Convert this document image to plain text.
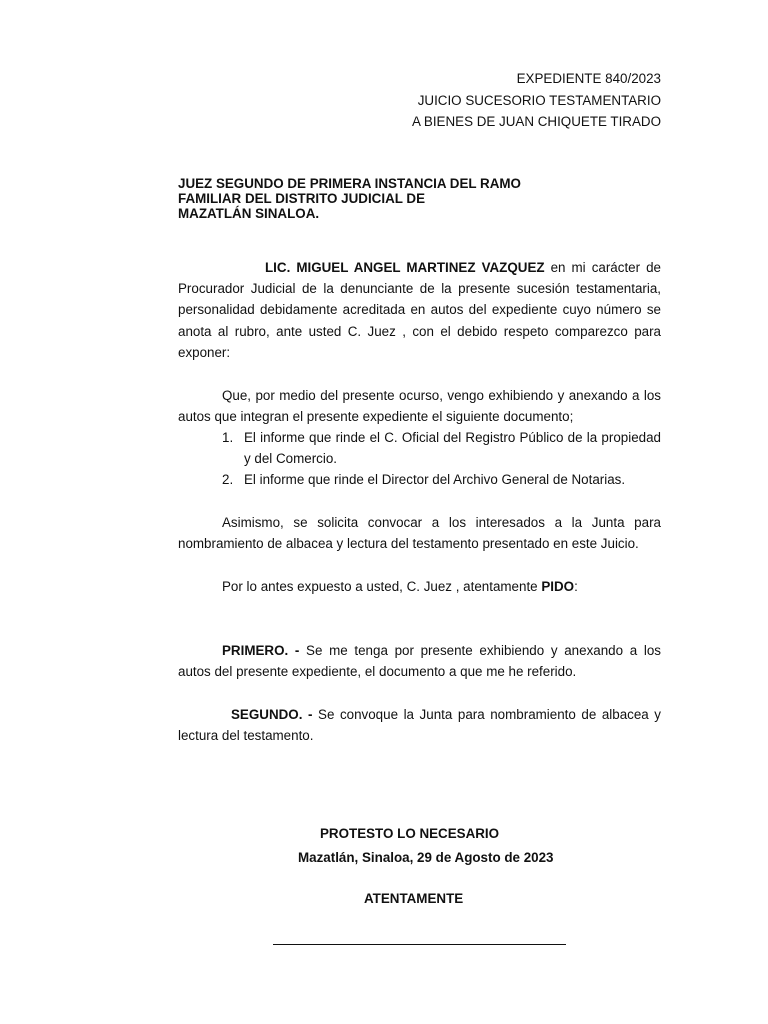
EXPEDIENTE 840/2023
JUICIO SUCESORIO TESTAMENTARIO
A BIENES DE JUAN CHIQUETE TIRADO
JUEZ SEGUNDO DE PRIMERA INSTANCIA DEL RAMO
FAMILIAR DEL DISTRITO JUDICIAL DE
MAZATLÁN SINALOA.

LIC. MIGUEL ANGEL MARTINEZ VAZQUEZ en mi carácter de Procurador Judicial de la denunciante de la presente sucesión testamentaria, personalidad debidamente acreditada en autos del expediente cuyo número se anota al rubro, ante usted C. Juez , con el debido respeto comparezco para exponer:

Que, por medio del presente ocurso, vengo exhibiendo y anexando a los autos que integran el presente expediente el siguiente documento;

1. El informe que rinde el C. Oficial del Registro Público de la propiedad y del Comercio.
2. El informe que rinde el Director del Archivo General de Notarias.

Asimismo, se solicita convocar a los interesados a la Junta para nombramiento de albacea y lectura del testamento presentado en este Juicio.

Por lo antes expuesto a usted, C. Juez , atentamente PIDO:

PRIMERO. - Se me tenga por presente exhibiendo y anexando a los autos del presente expediente, el documento a que me he referido.

SEGUNDO. - Se convoque la Junta para nombramiento de albacea y lectura del testamento.

PROTESTO LO NECESARIO
Mazatlán, Sinaloa, 29 de Agosto de 2023
ATENTAMENTE
